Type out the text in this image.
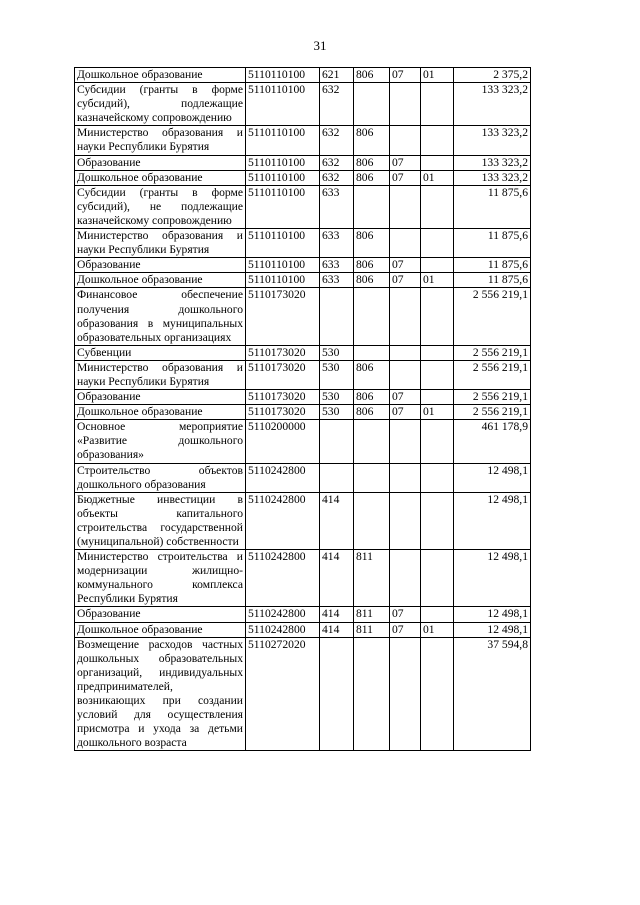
31
Дошкольное образование	5110110100	621	806	07	01	2 375,2
Субсидии (гранты в форме субсидий), подлежащие казначейскому сопровождению	5110110100	632				133 323,2
Министерство образования и науки Республики Бурятия	5110110100	632	806			133 323,2
Образование	5110110100	632	806	07		133 323,2
Дошкольное образование	5110110100	632	806	07	01	133 323,2
Субсидии (гранты в форме субсидий), не подлежащие казначейскому сопровождению	5110110100	633				11 875,6
Министерство образования и науки Республики Бурятия	5110110100	633	806			11 875,6
Образование	5110110100	633	806	07		11 875,6
Дошкольное образование	5110110100	633	806	07	01	11 875,6
Финансовое обеспечение получения дошкольного образования в муниципальных образовательных организациях	5110173020					2 556 219,1
Субвенции	5110173020	530				2 556 219,1
Министерство образования и науки Республики Бурятия	5110173020	530	806			2 556 219,1
Образование	5110173020	530	806	07		2 556 219,1
Дошкольное образование	5110173020	530	806	07	01	2 556 219,1
Основное мероприятие «Развитие дошкольного образования»	5110200000					461 178,9
Строительство объектов дошкольного образования	5110242800					12 498,1
Бюджетные инвестиции в объекты капитального строительства государственной (муниципальной) собственности	5110242800	414				12 498,1
Министерство строительства и модернизации жилищно-коммунального комплекса Республики Бурятия	5110242800	414	811			12 498,1
Образование	5110242800	414	811	07		12 498,1
Дошкольное образование	5110242800	414	811	07	01	12 498,1
Возмещение расходов частных дошкольных образовательных организаций, индивидуальных предпринимателей, возникающих при создании условий для осуществления присмотра и ухода за детьми дошкольного возраста	5110272020					37 594,8
